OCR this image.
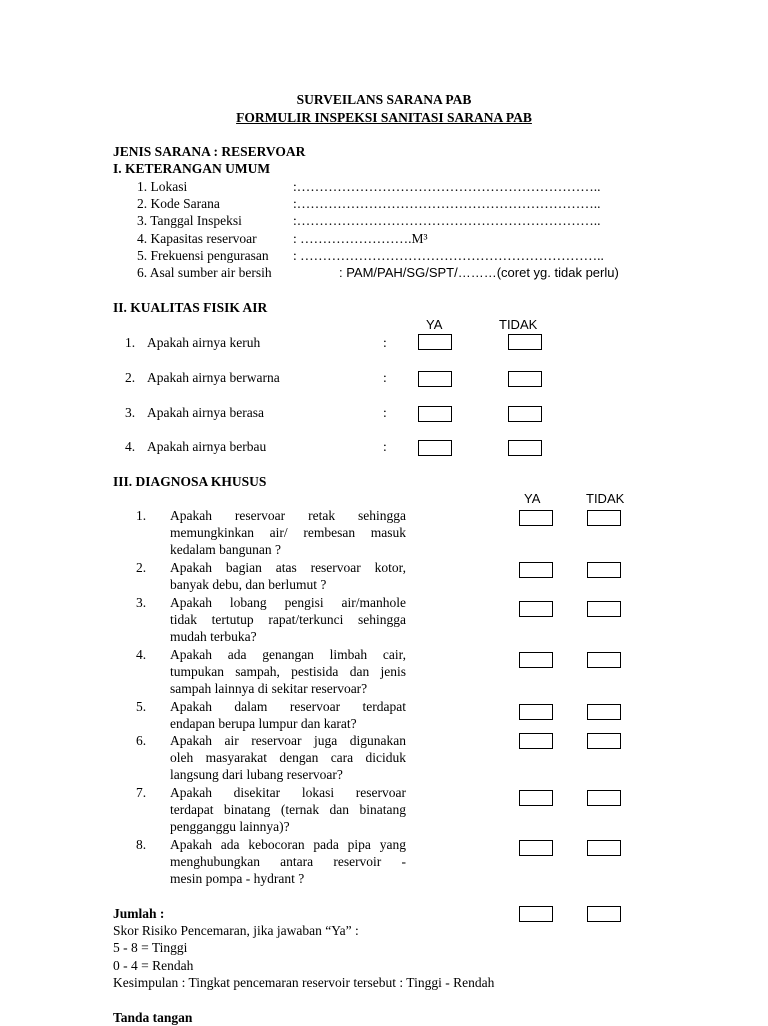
SURVEILANS SARANA PAB
FORMULIR INSPEKSI SANITASI SARANA PAB
JENIS SARANA : RESERVOAR
I. KETERANGAN UMUM
1. Lokasi	:…………………………………………………………..
2. Kode Sarana	:…………………………………………………………..
3. Tanggal Inspeksi	:…………………………………………………………..
4. Kapasitas reservoar	: …………………….M³
5. Frekuensi pengurasan : …………………………………………………………..
6. Asal sumber air bersih	: PAM/PAH/SG/SPT/………(coret yg. tidak perlu)
II. KUALITAS FISIK AIR
YA	TIDAK
1. Apakah airnya keruh	:
2. Apakah airnya berwarna	:
3. Apakah airnya berasa	:
4. Apakah airnya berbau	:
III. DIAGNOSA KHUSUS
YA	TIDAK
1. Apakah reservoar retak sehingga
memungkinkan air/ rembesan masuk
kedalam bangunan ?
2. Apakah bagian atas reservoar kotor,
banyak debu, dan berlumut ?
3. Apakah lobang pengisi air/manhole
tidak tertutup rapat/terkunci sehingga
mudah terbuka?
4. Apakah ada genangan limbah cair,
tumpukan sampah, pestisida dan jenis
sampah lainnya di sekitar reservoar?
5. Apakah dalam reservoar terdapat
endapan berupa lumpur dan karat?
6. Apakah air reservoar juga digunakan
oleh masyarakat dengan cara diciduk
langsung dari lubang reservoar?
7. Apakah disekitar lokasi reservoar
terdapat binatang (ternak dan binatang
pengganggu lainnya)?
8. Apakah ada kebocoran pada pipa yang
menghubungkan antara reservoir -
mesin pompa - hydrant ?
Jumlah :
Skor Risiko Pencemaran, jika jawaban “Ya” :
5 - 8 = Tinggi
0 - 4 = Rendah
Kesimpulan : Tingkat pencemaran reservoir tersebut : Tinggi - Rendah
Tanda tangan
